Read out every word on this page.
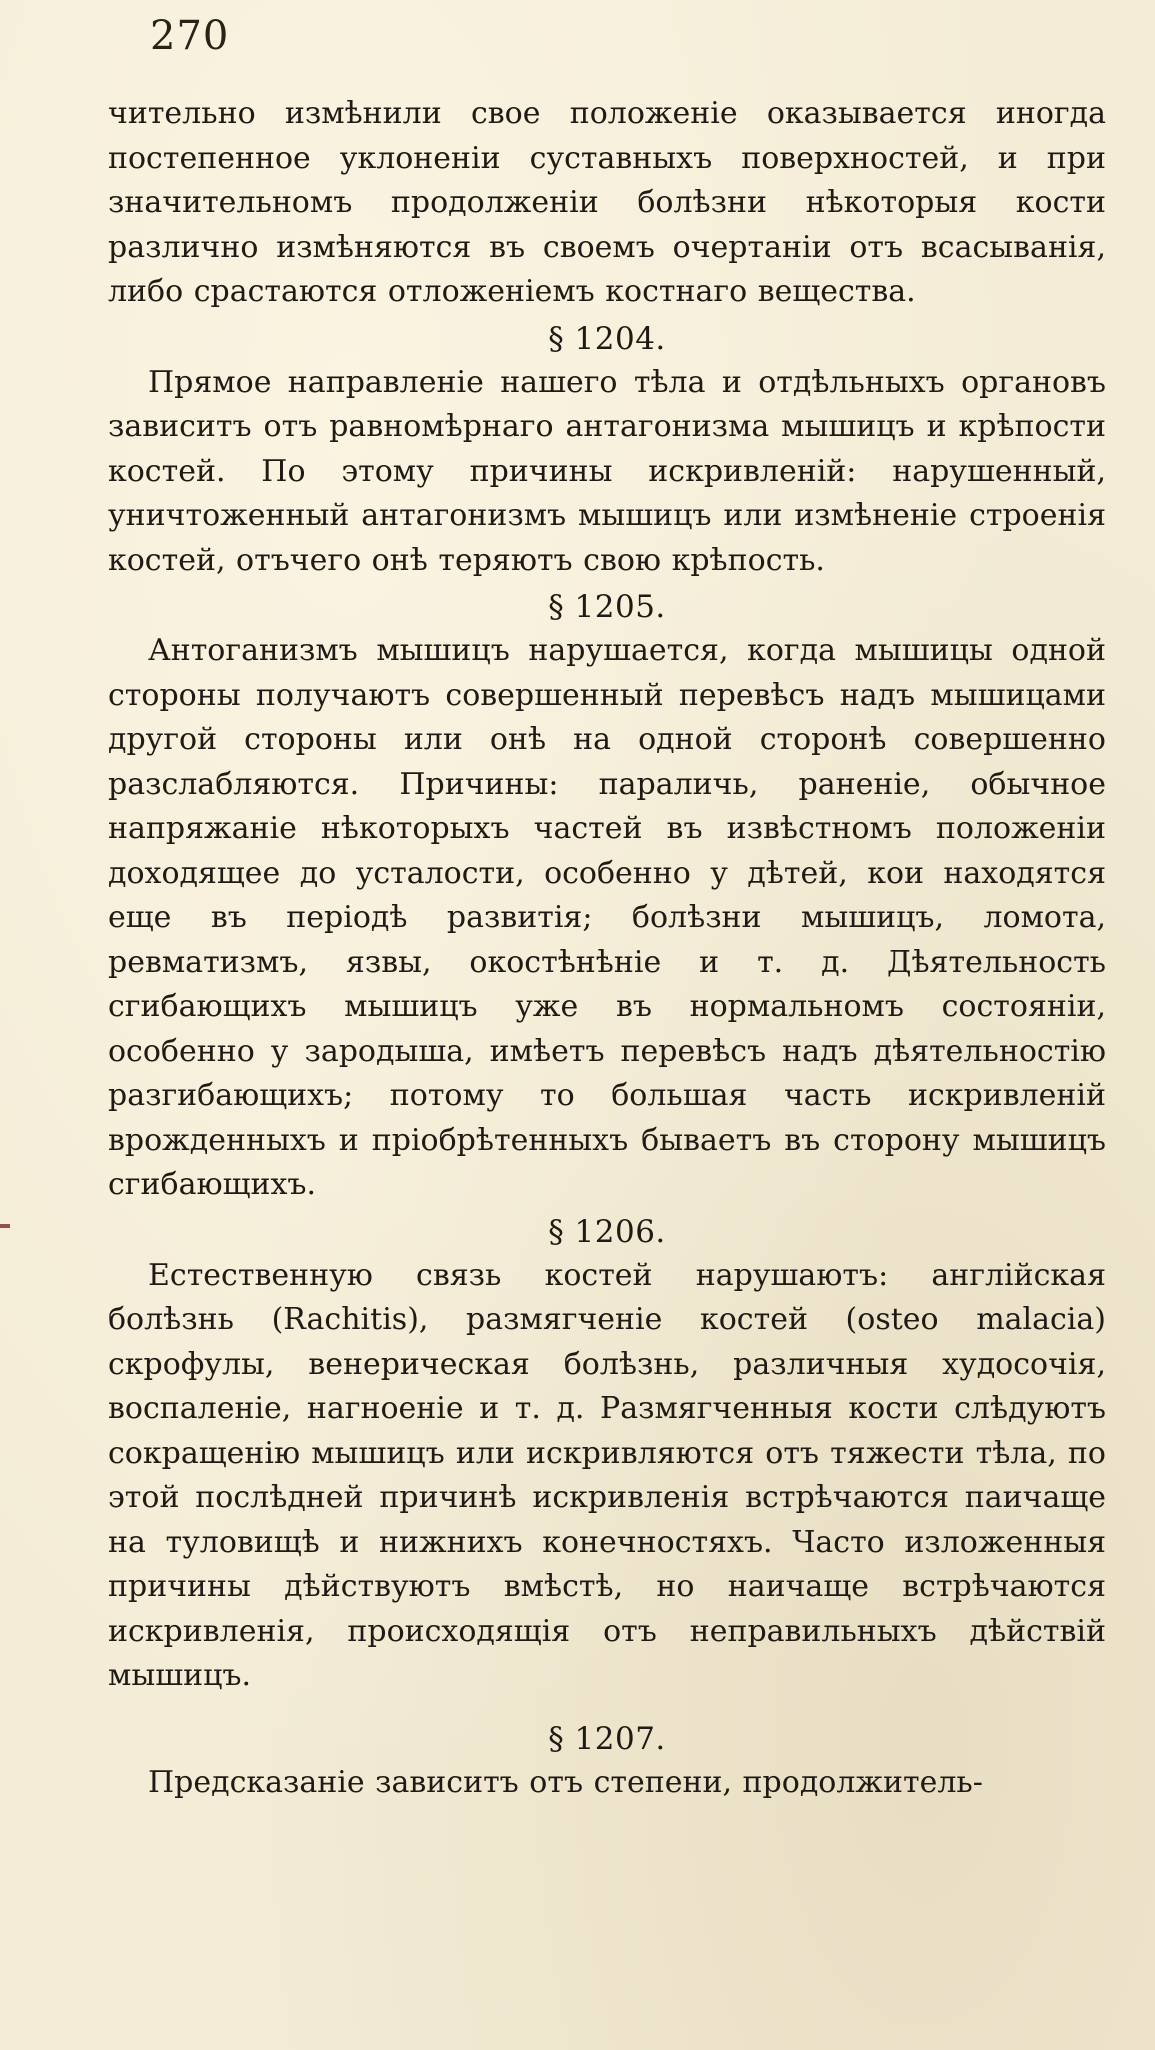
270

чительно измѣнили свое положенiе оказывается иногда постепенное уклоненiи суставныхъ поверхностей, и при значительномъ продолженiи болѣзни нѣкоторыя кости различно измѣняются въ своемъ очертанiи отъ всасыванiя, либо срастаются отложенiемъ костнаго вещества.

§ 1204.

Прямое направленiе нашего тѣла и отдѣльныхъ органовъ зависитъ отъ равномѣрнаго антагонизма мышицъ и крѣпости костей. По этому причины искривленiй: нарушенный, уничтоженный антагонизмъ мышицъ или измѣненiе строенiя костей, отъчего онѣ теряютъ свою крѣпость.

§ 1205.

Антоганизмъ мышицъ нарушается, когда мышицы одной стороны получаютъ совершенный перевѣсъ надъ мышицами другой стороны или онѣ на одной сторонѣ совершенно разслабляются. Причины: параличь, раненiе, обычное напряжанiе нѣкоторыхъ частей въ извѣстномъ положенiи доходящее до усталости, особенно у дѣтей, кои находятся еще въ перiодѣ развитiя; болѣзни мышицъ, ломота, ревматизмъ, язвы, окостѣнѣнiе и т. д. Дѣятельность сгибающихъ мышицъ уже въ нормальномъ состоянiи, особенно у зародыша, имѣетъ перевѣсъ надъ дѣятельностiю разгибающихъ; потому то большая часть искривленiй врожденныхъ и прiобрѣтенныхъ бываетъ въ сторону мышицъ сгибающихъ.

§ 1206.

Естественную связь костей нарушаютъ: англiйская болѣзнь (Rachitis), размягченiе костей (osteo malacia) скрофулы, венерическая болѣзнь, различныя худосочiя, воспаленiе, нагноенiе и т. д. Размягченныя кости слѣдуютъ сокращенiю мышицъ или искривляются отъ тяжести тѣла, по этой послѣдней причинѣ искривленiя встрѣчаются паичаще на туловищѣ и нижнихъ конечностяхъ. Часто изложенныя причины дѣйствуютъ вмѣстѣ, но наичаще встрѣчаются искривленiя, происходящiя отъ неправильныхъ дѣйствiй мышицъ.

§ 1207.

Предсказанiе зависитъ отъ степени, продолжитель-
